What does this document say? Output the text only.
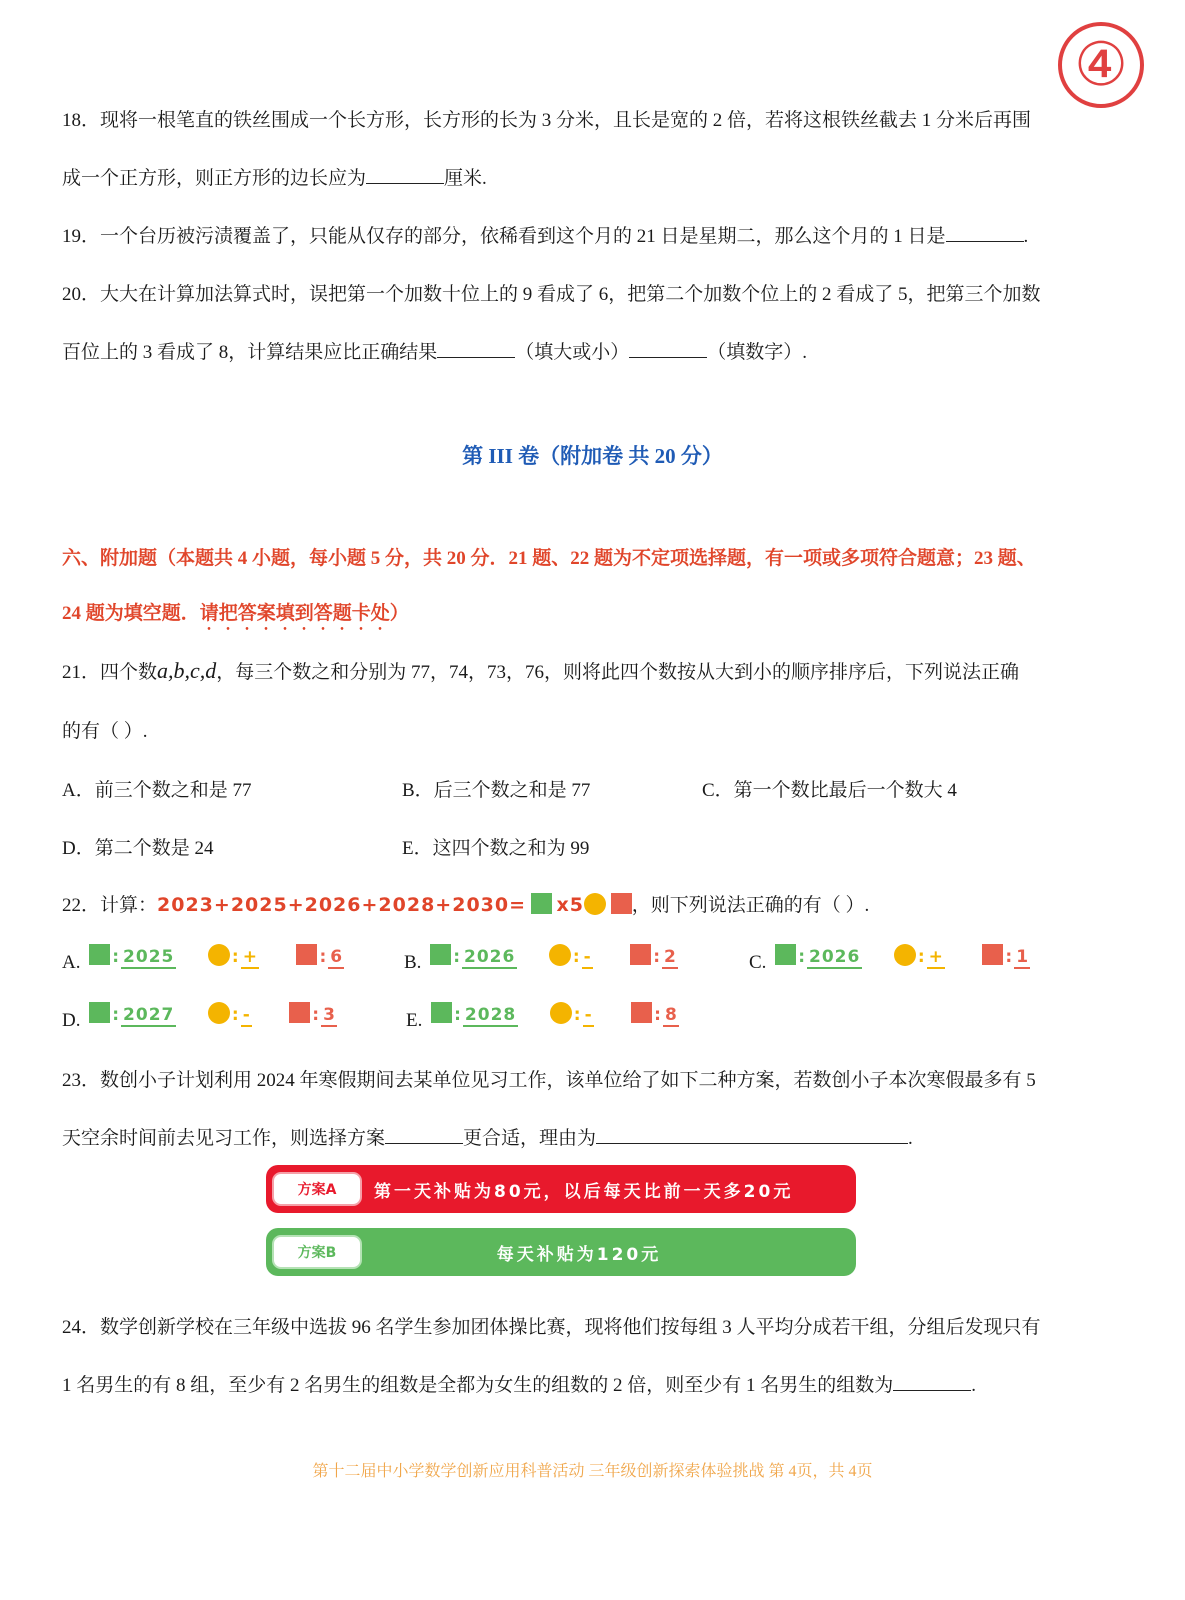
④
18．现将一根笔直的铁丝围成一个长方形，长方形的长为 3 分米，且长是宽的 2 倍，若将这根铁丝截去 1 分米后再围
成一个正方形，则正方形的边长应为	厘米.
19．一个台历被污渍覆盖了，只能从仅存的部分，依稀看到这个月的 21 日是星期二，那么这个月的 1 日是	.
20．大大在计算加法算式时，误把第一个加数十位上的 9 看成了 6，把第二个加数个位上的 2 看成了 5，把第三个加数
百位上的 3 看成了 8，计算结果应比正确结果	（填大或小）	（填数字）.
第 III 卷（附加卷 共 20 分）
六、附加题（本题共 4 小题，每小题 5 分，共 20 分．21 题、22 题为不定项选择题，有一项或多项符合题意；23 题、
24 题为填空题．请把答案填到答题卡处）
21．四个数a,b,c,d，每三个数之和分别为 77，74，73，76，则将此四个数按从大到小的顺序排序后，下列说法正确
的有（ ）.
A．前三个数之和是 77	B．后三个数之和是 77	C．第一个数比最后一个数大 4
D．第二个数是 24	E．这四个数之和为 99
22．计算：2023+2025+2026+2028+2030= x5	，则下列说法正确的有（ ）.
A. : 2025	: +	: 6	B. : 2026	: -	: 2	C. : 2026	: +	: 1
D. : 2027	: -	: 3	E. : 2028	: -	: 8
23．数创小子计划利用 2024 年寒假期间去某单位见习工作，该单位给了如下二种方案，若数创小子本次寒假最多有 5
天空余时间前去见习工作，则选择方案	更合适，理由为	.
方案A	第一天补贴为80元，以后每天比前一天多20元
方案B	每天补贴为120元
24．数学创新学校在三年级中选拔 96 名学生参加团体操比赛，现将他们按每组 3 人平均分成若干组，分组后发现只有
1 名男生的有 8 组，至少有 2 名男生的组数是全都为女生的组数的 2 倍，则至少有 1 名男生的组数为	.
第十二届中小学数学创新应用科普活动 三年级创新探索体验挑战 第 4页，共 4页
